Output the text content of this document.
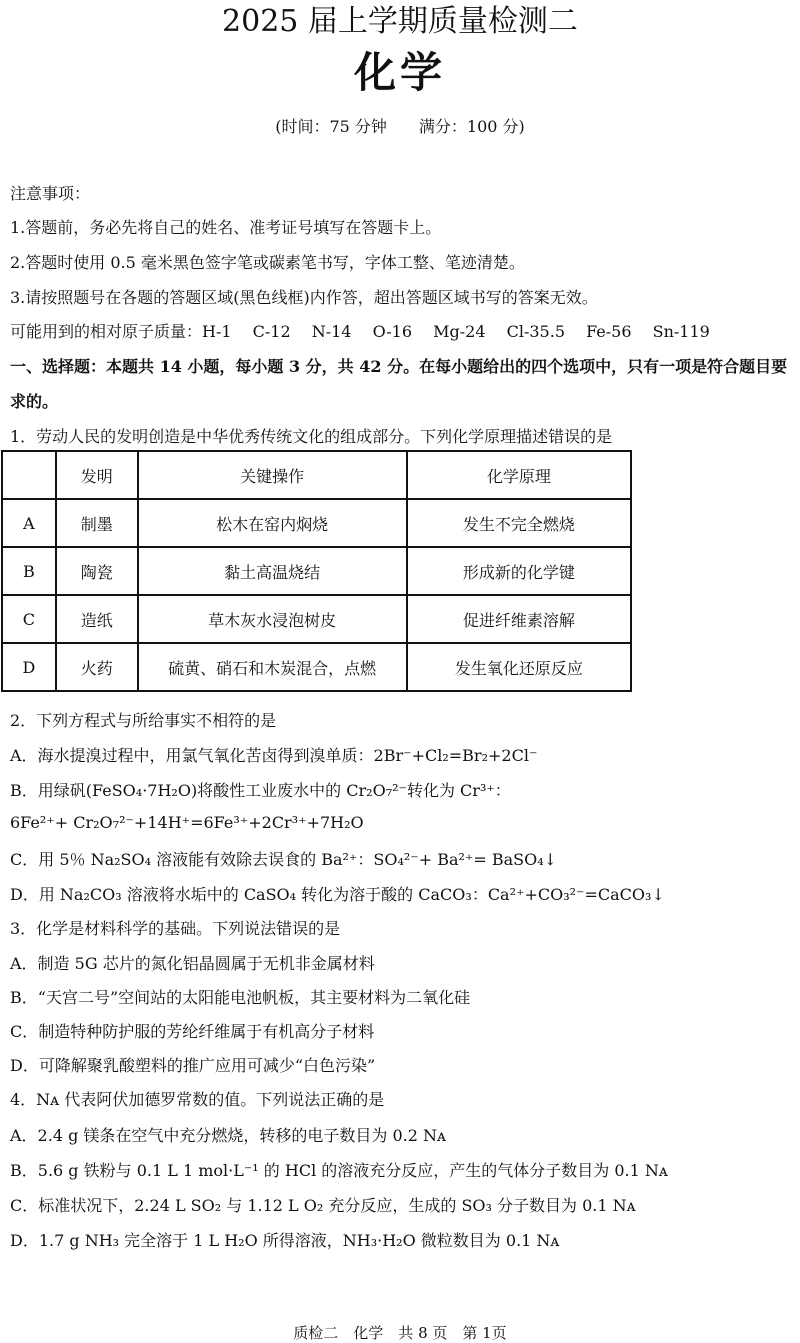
2025 届上学期质量检测二
化学
(时间：75 分钟　　满分：100 分)
注意事项：
1.答题前，务必先将自己的姓名、准考证号填写在答题卡上。
2.答题时使用 0.5 毫米黑色签字笔或碳素笔书写，字体工整、笔迹清楚。
3.请按照题号在各题的答题区域(黑色线框)内作答，超出答题区域书写的答案无效。
可能用到的相对原子质量：H-1　 C-12　 N-14　 O-16　 Mg-24　 Cl-35.5　 Fe-56　 Sn-119
一、选择题：本题共 14 小题，每小题 3 分，共 42 分。在每小题给出的四个选项中，只有一项是符合题目要
求的。
1．劳动人民的发明创造是中华优秀传统文化的组成部分。下列化学原理描述错误的是
	发明	关键操作	化学原理
A	制墨	松木在窑内焖烧	发生不完全燃烧
B	陶瓷	黏土高温烧结	形成新的化学键
C	造纸	草木灰水浸泡树皮	促进纤维素溶解
D	火药	硫黄、硝石和木炭混合，点燃	发生氧化还原反应
2．下列方程式与所给事实不相符的是
A．海水提溴过程中，用氯气氧化苦卤得到溴单质：2Br⁻+Cl₂=Br₂+2Cl⁻
B．用绿矾(FeSO₄·7H₂O)将酸性工业废水中的 Cr₂O₇²⁻转化为 Cr³⁺：
6Fe²⁺+ Cr₂O₇²⁻+14H⁺=6Fe³⁺+2Cr³⁺+7H₂O
C．用 5％ Na₂SO₄ 溶液能有效除去误食的 Ba²⁺：SO₄²⁻+ Ba²⁺= BaSO₄↓
D．用 Na₂CO₃ 溶液将水垢中的 CaSO₄ 转化为溶于酸的 CaCO₃：Ca²⁺+CO₃²⁻=CaCO₃↓
3．化学是材料科学的基础。下列说法错误的是
A．制造 5G 芯片的氮化铝晶圆属于无机非金属材料
B．“天宫二号”空间站的太阳能电池帆板，其主要材料为二氧化硅
C．制造特种防护服的芳纶纤维属于有机高分子材料
D．可降解聚乳酸塑料的推广应用可减少“白色污染”
4．Nᴀ 代表阿伏加德罗常数的值。下列说法正确的是
A．2.4 g 镁条在空气中充分燃烧，转移的电子数目为 0.2 Nᴀ
B．5.6 g 铁粉与 0.1 L 1 mol·L⁻¹ 的 HCl 的溶液充分反应，产生的气体分子数目为 0.1 Nᴀ
C．标准状况下，2.24 L SO₂ 与 1.12 L O₂ 充分反应，生成的 SO₃ 分子数目为 0.1 Nᴀ
D．1.7 g NH₃ 完全溶于 1 L H₂O 所得溶液，NH₃·H₂O 微粒数目为 0.1 Nᴀ
质检二　化学　共 8 页　第 1页
